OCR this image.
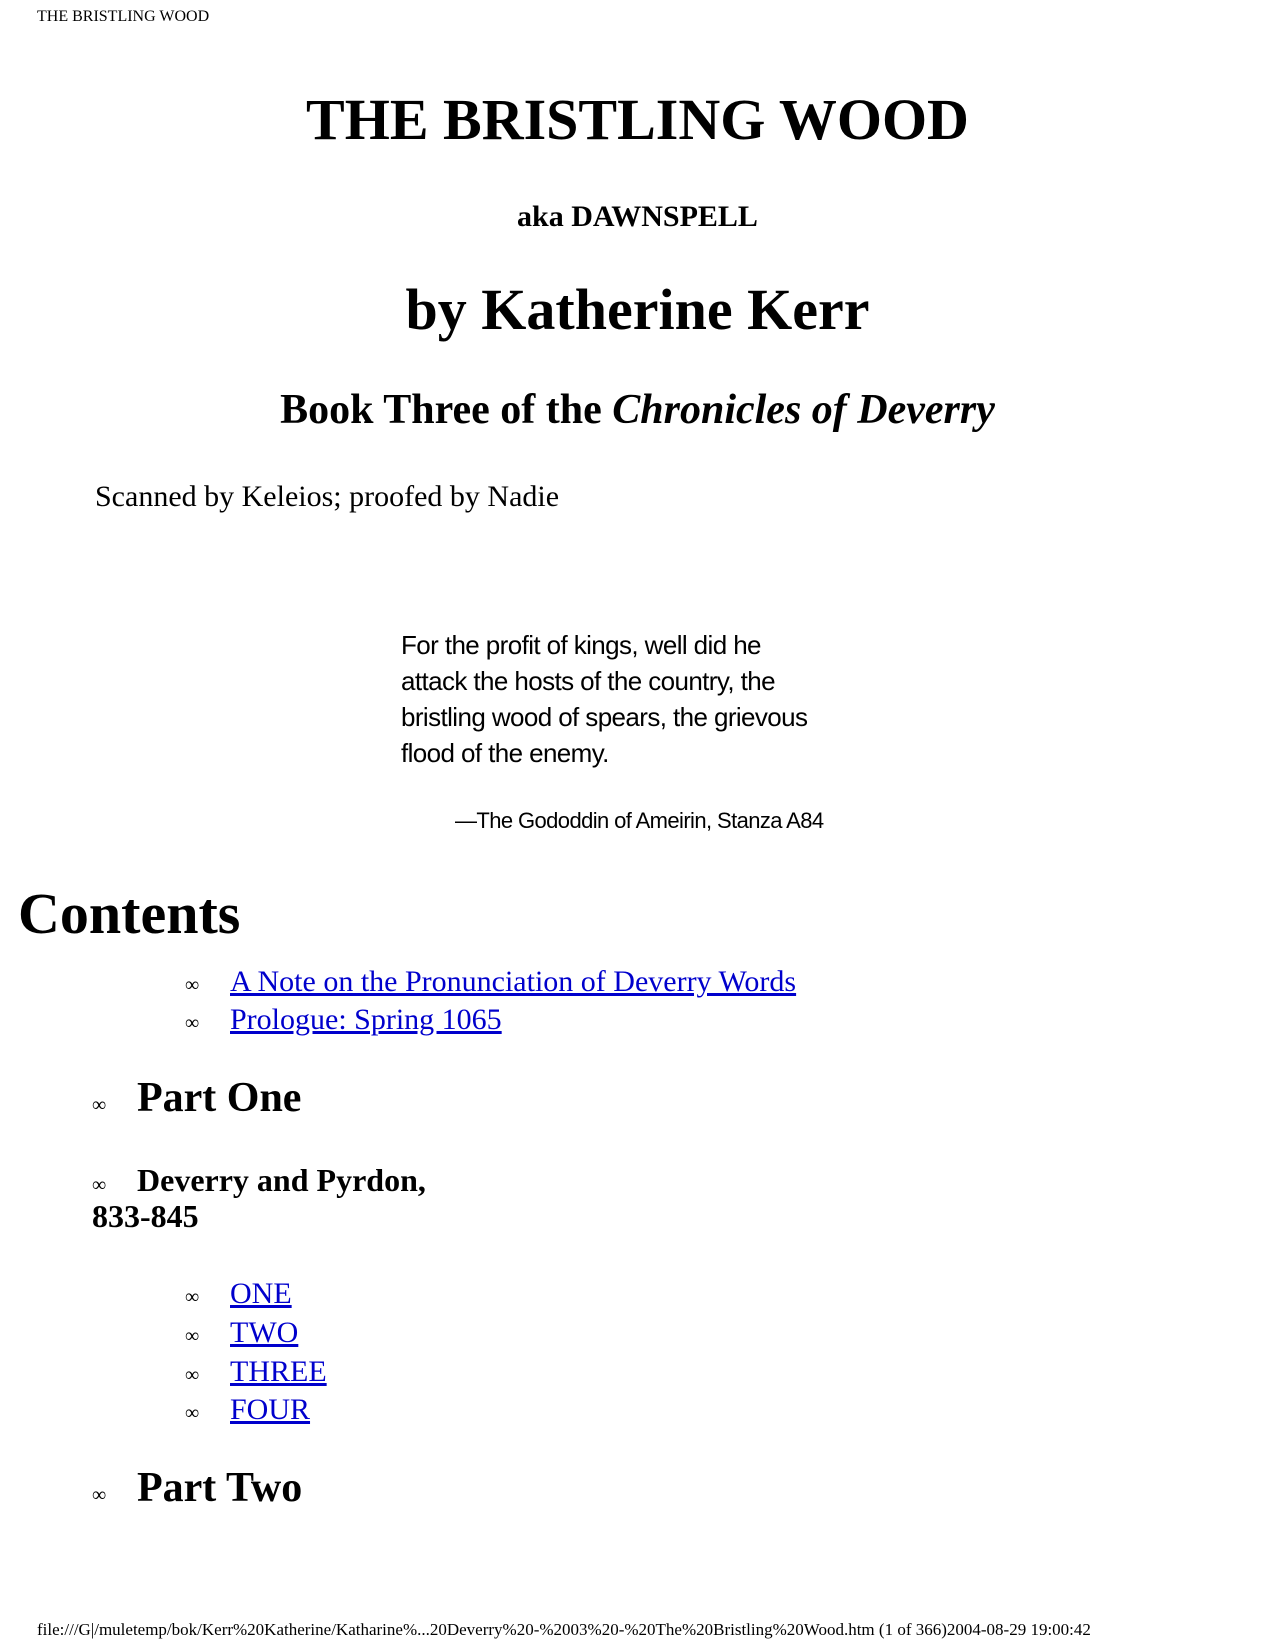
THE BRISTLING WOOD
THE BRISTLING WOOD
aka DAWNSPELL
by Katherine Kerr
Book Three of the Chronicles of Deverry
Scanned by Keleios; proofed by Nadie
For the profit of kings, well did he
attack the hosts of the country, the
bristling wood of spears, the grievous
flood of the enemy.
—The Gododdin of Ameirin, Stanza A84
Contents
∞	A Note on the Pronunciation of Deverry Words
∞	Prologue: Spring 1065
∞ Part One
∞ Deverry and Pyrdon,
833-845
∞	ONE
∞	TWO
∞	THREE
∞	FOUR
∞ Part Two
file:///G|/muletemp/bok/Kerr%20Katherine/Katharine%...20Deverry%20-%2003%20-%20The%20Bristling%20Wood.htm (1 of 366)2004-08-29 19:00:42
